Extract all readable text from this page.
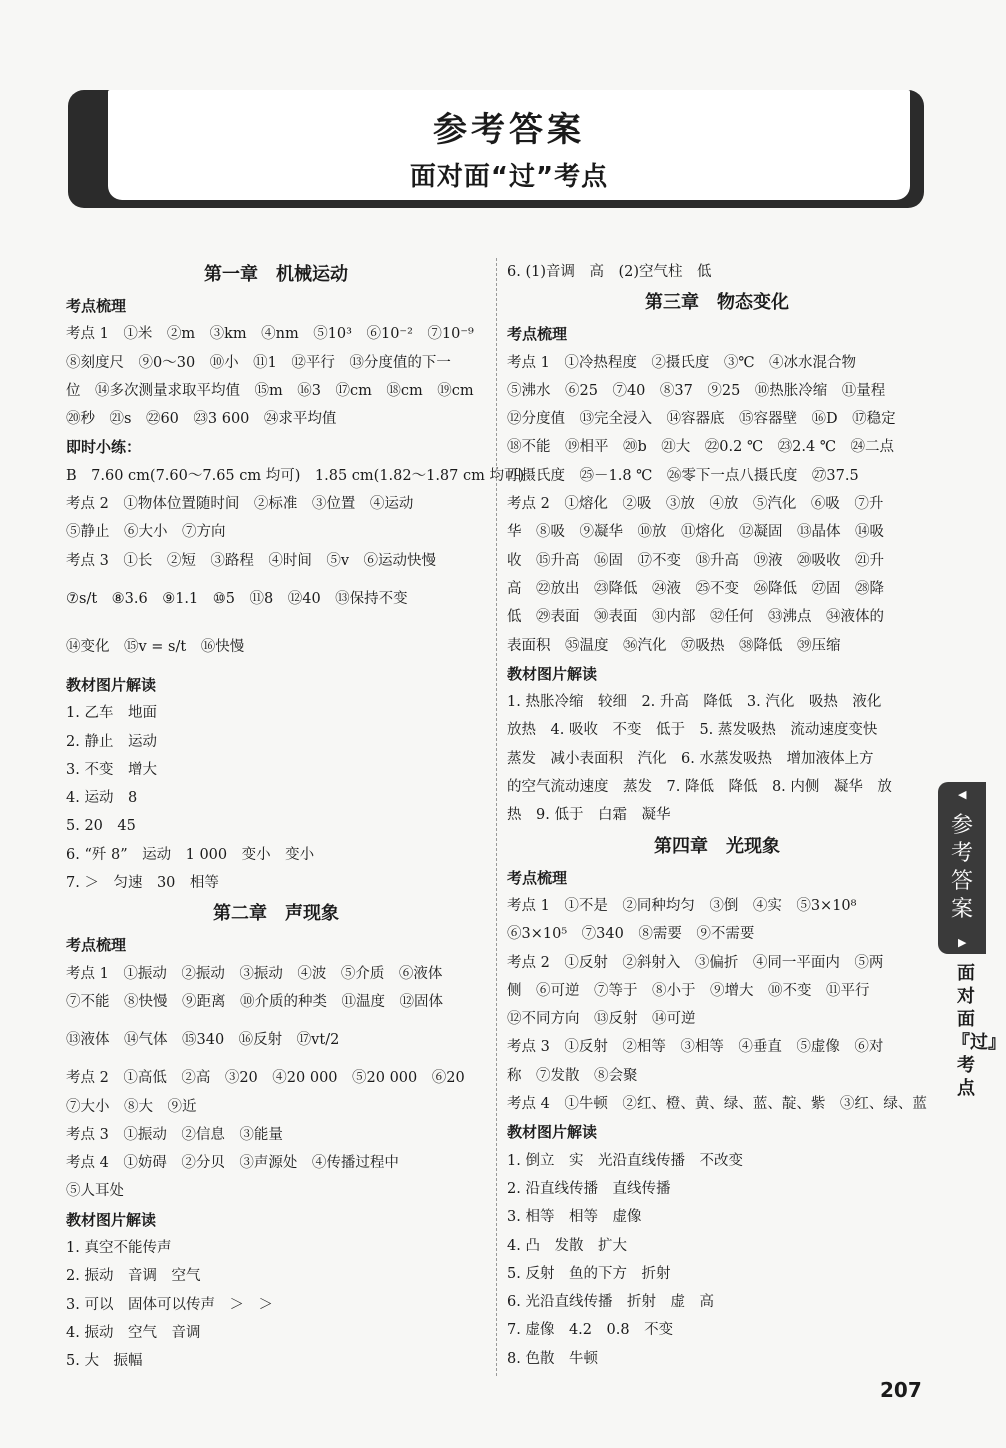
参考答案
面对面“过”考点
第一章　机械运动
考点梳理
考点 1　①米　②m　③km　④nm　⑤10³　⑥10⁻²　⑦10⁻⁹
⑧刻度尺　⑨0～30　⑩小　⑪1　⑫平行　⑬分度值的下一
位　⑭多次测量求取平均值　⑮m　⑯3　⑰cm　⑱cm　⑲cm
⑳秒　㉑s　㉒60　㉓3 600　㉔求平均值
即时小练：
B　7.60 cm(7.60～7.65 cm 均可)　1.85 cm(1.82～1.87 cm 均可)
考点 2　①物体位置随时间　②标准　③位置　④运动
⑤静止　⑥大小　⑦方向
考点 3　①长　②短　③路程　④时间　⑤v　⑥运动快慢
⑦s/t　⑧3.6　⑨1.1　⑩5　⑪8　⑫40　⑬保持不变
⑭变化　⑮v = s/t　⑯快慢
教材图片解读
1. 乙车　地面
2. 静止　运动
3. 不变　增大
4. 运动　8
5. 20　45
6. “歼 8”　运动　1 000　变小　变小
7. ＞　匀速　30　相等
第二章　声现象
考点梳理
考点 1　①振动　②振动　③振动　④波　⑤介质　⑥液体
⑦不能　⑧快慢　⑨距离　⑩介质的种类　⑪温度　⑫固体
⑬液体　⑭气体　⑮340　⑯反射　⑰vt/2
考点 2　①高低　②高　③20　④20 000　⑤20 000　⑥20
⑦大小　⑧大　⑨近
考点 3　①振动　②信息　③能量
考点 4　①妨碍　②分贝　③声源处　④传播过程中
⑤人耳处
教材图片解读
1. 真空不能传声
2. 振动　音调　空气
3. 可以　固体可以传声　＞　＞
4. 振动　空气　音调
5. 大　振幅
6. (1)音调　高　(2)空气柱　低
第三章　物态变化
考点梳理
考点 1　①冷热程度　②摄氏度　③℃　④冰水混合物
⑤沸水　⑥25　⑦40　⑧37　⑨25　⑩热胀冷缩　⑪量程
⑫分度值　⑬完全浸入　⑭容器底　⑮容器壁　⑯D　⑰稳定
⑱不能　⑲相平　⑳b　㉑大　㉒0.2 ℃　㉓2.4 ℃　㉔二点
四摄氏度　㉕－1.8 ℃　㉖零下一点八摄氏度　㉗37.5
考点 2　①熔化　②吸　③放　④放　⑤汽化　⑥吸　⑦升
华　⑧吸　⑨凝华　⑩放　⑪熔化　⑫凝固　⑬晶体　⑭吸
收　⑮升高　⑯固　⑰不变　⑱升高　⑲液　⑳吸收　㉑升
高　㉒放出　㉓降低　㉔液　㉕不变　㉖降低　㉗固　㉘降
低　㉙表面　㉚表面　㉛内部　㉜任何　㉝沸点　㉞液体的
表面积　㉟温度　㊱汽化　㊲吸热　㊳降低　㊴压缩
教材图片解读
1. 热胀冷缩　较细　2. 升高　降低　3. 汽化　吸热　液化
放热　4. 吸收　不变　低于　5. 蒸发吸热　流动速度变快
蒸发　减小表面积　汽化　6. 水蒸发吸热　增加液体上方
的空气流动速度　蒸发　7. 降低　降低　8. 内侧　凝华　放
热　9. 低于　白霜　凝华
第四章　光现象
考点梳理
考点 1　①不是　②同种均匀　③倒　④实　⑤3×10⁸
⑥3×10⁵　⑦340　⑧需要　⑨不需要
考点 2　①反射　②斜射入　③偏折　④同一平面内　⑤两
侧　⑥可逆　⑦等于　⑧小于　⑨增大　⑩不变　⑪平行
⑫不同方向　⑬反射　⑭可逆
考点 3　①反射　②相等　③相等　④垂直　⑤虚像　⑥对
称　⑦发散　⑧会聚
考点 4　①牛顿　②红、橙、黄、绿、蓝、靛、紫　③红、绿、蓝
教材图片解读
1. 倒立　实　光沿直线传播　不改变
2. 沿直线传播　直线传播
3. 相等　相等　虚像
4. 凸　发散　扩大
5. 反射　鱼的下方　折射
6. 光沿直线传播　折射　虚　高
7. 虚像　4.2　0.8　不变
8. 色散　牛顿
◀
参考答案
▶
面对面『过』考点
207
